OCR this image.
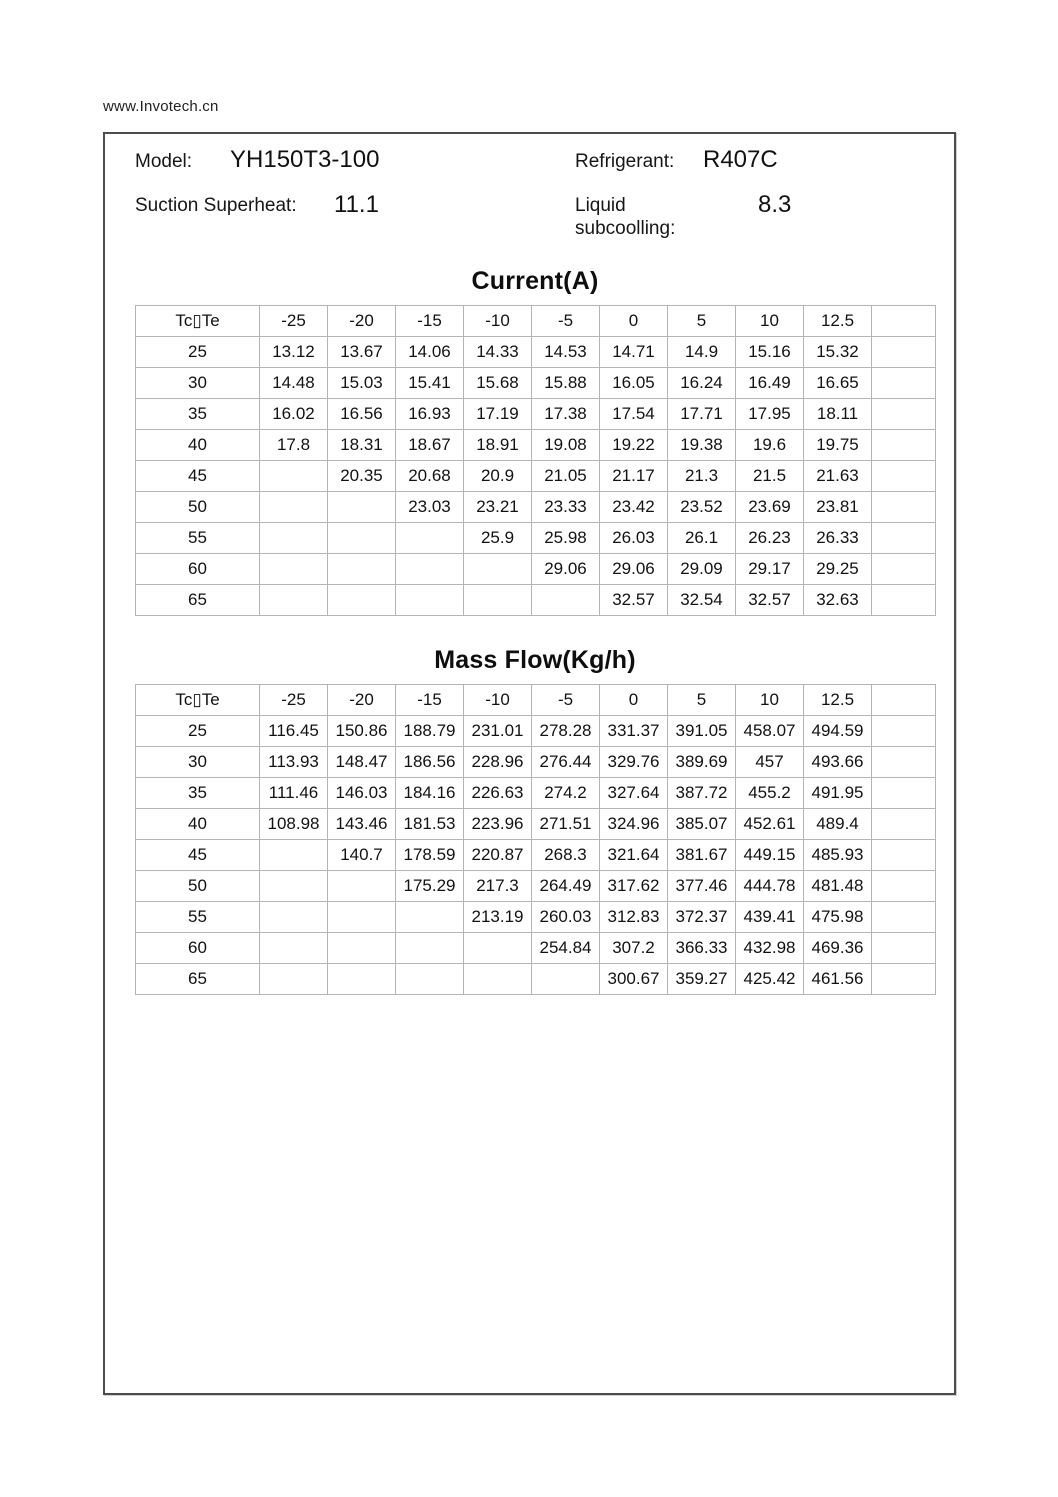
www.Invotech.cn
Model: YH150T3-100
Suction Superheat: 11.1
Refrigerant: R407C
Liquid subcoolling:
8.3
Current(A)
Tc▯Te	-25	-20	-15	-10	-5	0	5	10	12.5	
25	13.12	13.67	14.06	14.33	14.53	14.71	14.9	15.16	15.32	
30	14.48	15.03	15.41	15.68	15.88	16.05	16.24	16.49	16.65	
35	16.02	16.56	16.93	17.19	17.38	17.54	17.71	17.95	18.11	
40	17.8	18.31	18.67	18.91	19.08	19.22	19.38	19.6	19.75	
45		20.35	20.68	20.9	21.05	21.17	21.3	21.5	21.63	
50			23.03	23.21	23.33	23.42	23.52	23.69	23.81	
55				25.9	25.98	26.03	26.1	26.23	26.33	
60					29.06	29.06	29.09	29.17	29.25	
65						32.57	32.54	32.57	32.63	
Mass Flow(Kg/h)
Tc▯Te	-25	-20	-15	-10	-5	0	5	10	12.5	
25	116.45	150.86	188.79	231.01	278.28	331.37	391.05	458.07	494.59	
30	113.93	148.47	186.56	228.96	276.44	329.76	389.69	457	493.66	
35	111.46	146.03	184.16	226.63	274.2	327.64	387.72	455.2	491.95	
40	108.98	143.46	181.53	223.96	271.51	324.96	385.07	452.61	489.4	
45		140.7	178.59	220.87	268.3	321.64	381.67	449.15	485.93	
50			175.29	217.3	264.49	317.62	377.46	444.78	481.48	
55				213.19	260.03	312.83	372.37	439.41	475.98	
60					254.84	307.2	366.33	432.98	469.36	
65						300.67	359.27	425.42	461.56	
